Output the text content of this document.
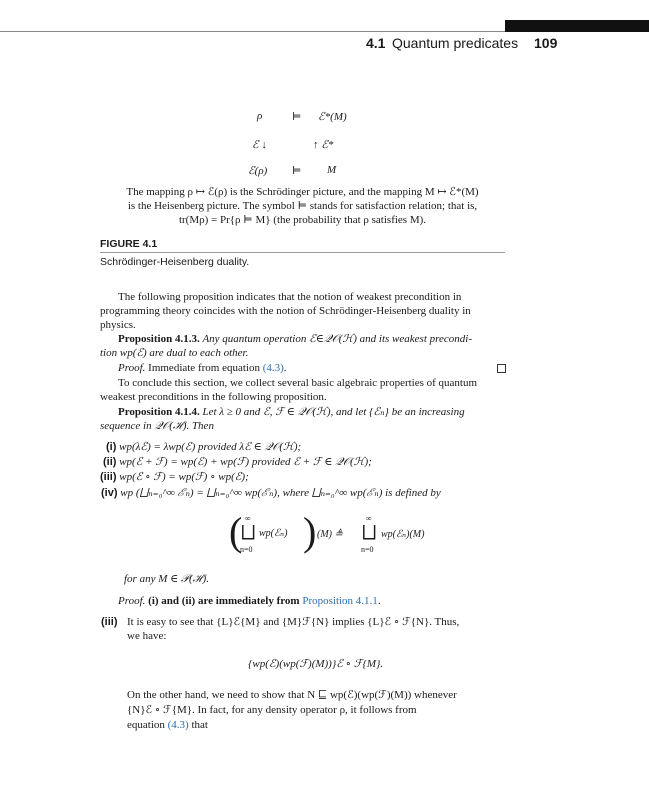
4.1 Quantum predicates 109
ρ	⊨ ℰ*(M)
ℰ ↓	↑ ℰ*
ℰ(ρ) ⊨ M
The mapping ρ ↦ ℰ(ρ) is the Schrödinger picture, and the mapping M ↦ ℰ*(M)
is the Heisenberg picture. The symbol ⊨ stands for satisfaction relation; that is,
tr(Mρ) = Pr{ρ ⊨ M} (the probability that ρ satisfies M).
FIGURE 4.1
Schrödinger-Heisenberg duality.
The following proposition indicates that the notion of weakest precondition in
programming theory coincides with the notion of Schrödinger-Heisenberg duality in
physics.
Proposition 4.1.3. Any quantum operation ℰ∈𝒬𝒪(ℋ) and its weakest precondi-
tion wp(ℰ) are dual to each other.
Proof. Immediate from equation (4.3).
To conclude this section, we collect several basic algebraic properties of quantum
weakest preconditions in the following proposition.
Proposition 4.1.4. Let λ ≥ 0 and ℰ, ℱ ∈ 𝒬𝒪(ℋ), and let {ℰₙ} be an increasing
sequence in 𝒬𝒪(ℋ). Then
(i) wp(λℰ) = λwp(ℰ) provided λℰ ∈ 𝒬𝒪(ℋ);
(ii) wp(ℰ + ℱ) = wp(ℰ) + wp(ℱ) provided ℰ + ℱ ∈ 𝒬𝒪(ℋ);
(iii) wp(ℰ ∘ ℱ) = wp(ℱ) ∘ wp(ℰ);
(iv) wp (⨆ₙ₌₀^∞ ℰₙ) = ⨆ₙ₌₀^∞ wp(ℰₙ), where ⨆ₙ₌₀^∞ wp(ℰₙ) is defined by
( ∞
⨆
n=0
wp(ℰₙ) ) (M) ≜
∞
⨆
n=0
wp(ℰₙ)(M)
for any M ∈ 𝒫(ℋ).
Proof. (i) and (ii) are immediately from Proposition 4.1.1.
(iii) It is easy to see that {L}ℰ{M} and {M}ℱ{N} implies {L}ℰ ∘ ℱ{N}. Thus,
we have:
{wp(ℰ)(wp(ℱ)(M))}ℰ ∘ ℱ{M}.
On the other hand, we need to show that N ⊑ wp(ℰ)(wp(ℱ)(M)) whenever
{N}ℰ ∘ ℱ{M}. In fact, for any density operator ρ, it follows from
equation (4.3) that
